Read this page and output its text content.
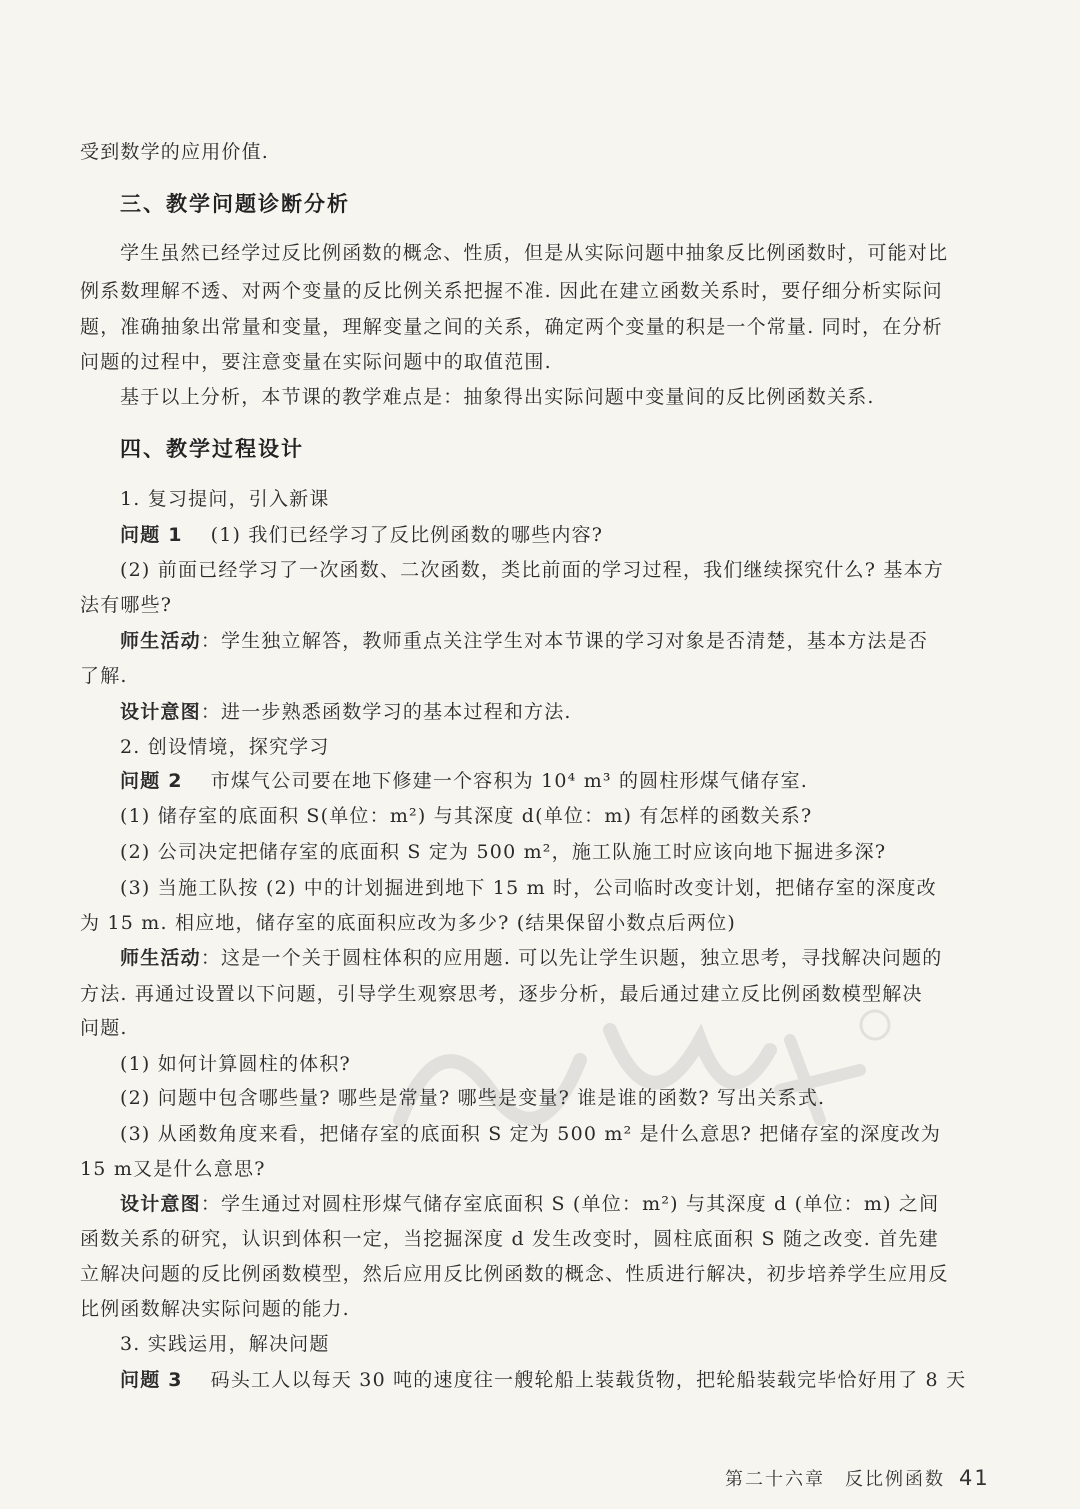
受到数学的应用价值.
三、教学问题诊断分析
学生虽然已经学过反比例函数的概念、性质，但是从实际问题中抽象反比例函数时，可能对比
例系数理解不透、对两个变量的反比例关系把握不准. 因此在建立函数关系时，要仔细分析实际问
题，准确抽象出常量和变量，理解变量之间的关系，确定两个变量的积是一个常量. 同时，在分析
问题的过程中，要注意变量在实际问题中的取值范围.
基于以上分析，本节课的教学难点是：抽象得出实际问题中变量间的反比例函数关系.
四、教学过程设计
1. 复习提问，引入新课
问题 1 (1) 我们已经学习了反比例函数的哪些内容?
(2) 前面已经学习了一次函数、二次函数，类比前面的学习过程，我们继续探究什么? 基本方
法有哪些?
师生活动：学生独立解答，教师重点关注学生对本节课的学习对象是否清楚，基本方法是否
了解.
设计意图：进一步熟悉函数学习的基本过程和方法.
2. 创设情境，探究学习
问题 2 市煤气公司要在地下修建一个容积为 10⁴ m³ 的圆柱形煤气储存室.
(1) 储存室的底面积 S(单位：m²) 与其深度 d(单位：m) 有怎样的函数关系?
(2) 公司决定把储存室的底面积 S 定为 500 m²，施工队施工时应该向地下掘进多深?
(3) 当施工队按 (2) 中的计划掘进到地下 15 m 时，公司临时改变计划，把储存室的深度改
为 15 m. 相应地，储存室的底面积应改为多少? (结果保留小数点后两位)
师生活动：这是一个关于圆柱体积的应用题. 可以先让学生识题，独立思考，寻找解决问题的
方法. 再通过设置以下问题，引导学生观察思考，逐步分析，最后通过建立反比例函数模型解决
问题.
(1) 如何计算圆柱的体积?
(2) 问题中包含哪些量? 哪些是常量? 哪些是变量? 谁是谁的函数? 写出关系式.
(3) 从函数角度来看，把储存室的底面积 S 定为 500 m² 是什么意思? 把储存室的深度改为
15 m又是什么意思?
设计意图：学生通过对圆柱形煤气储存室底面积 S (单位：m²) 与其深度 d (单位：m) 之间
函数关系的研究，认识到体积一定，当挖掘深度 d 发生改变时，圆柱底面积 S 随之改变. 首先建
立解决问题的反比例函数模型，然后应用反比例函数的概念、性质进行解决，初步培养学生应用反
比例函数解决实际问题的能力.
3. 实践运用，解决问题
问题 3 码头工人以每天 30 吨的速度往一艘轮船上装载货物，把轮船装载完毕恰好用了 8 天
第二十六章　反比例函数 41
